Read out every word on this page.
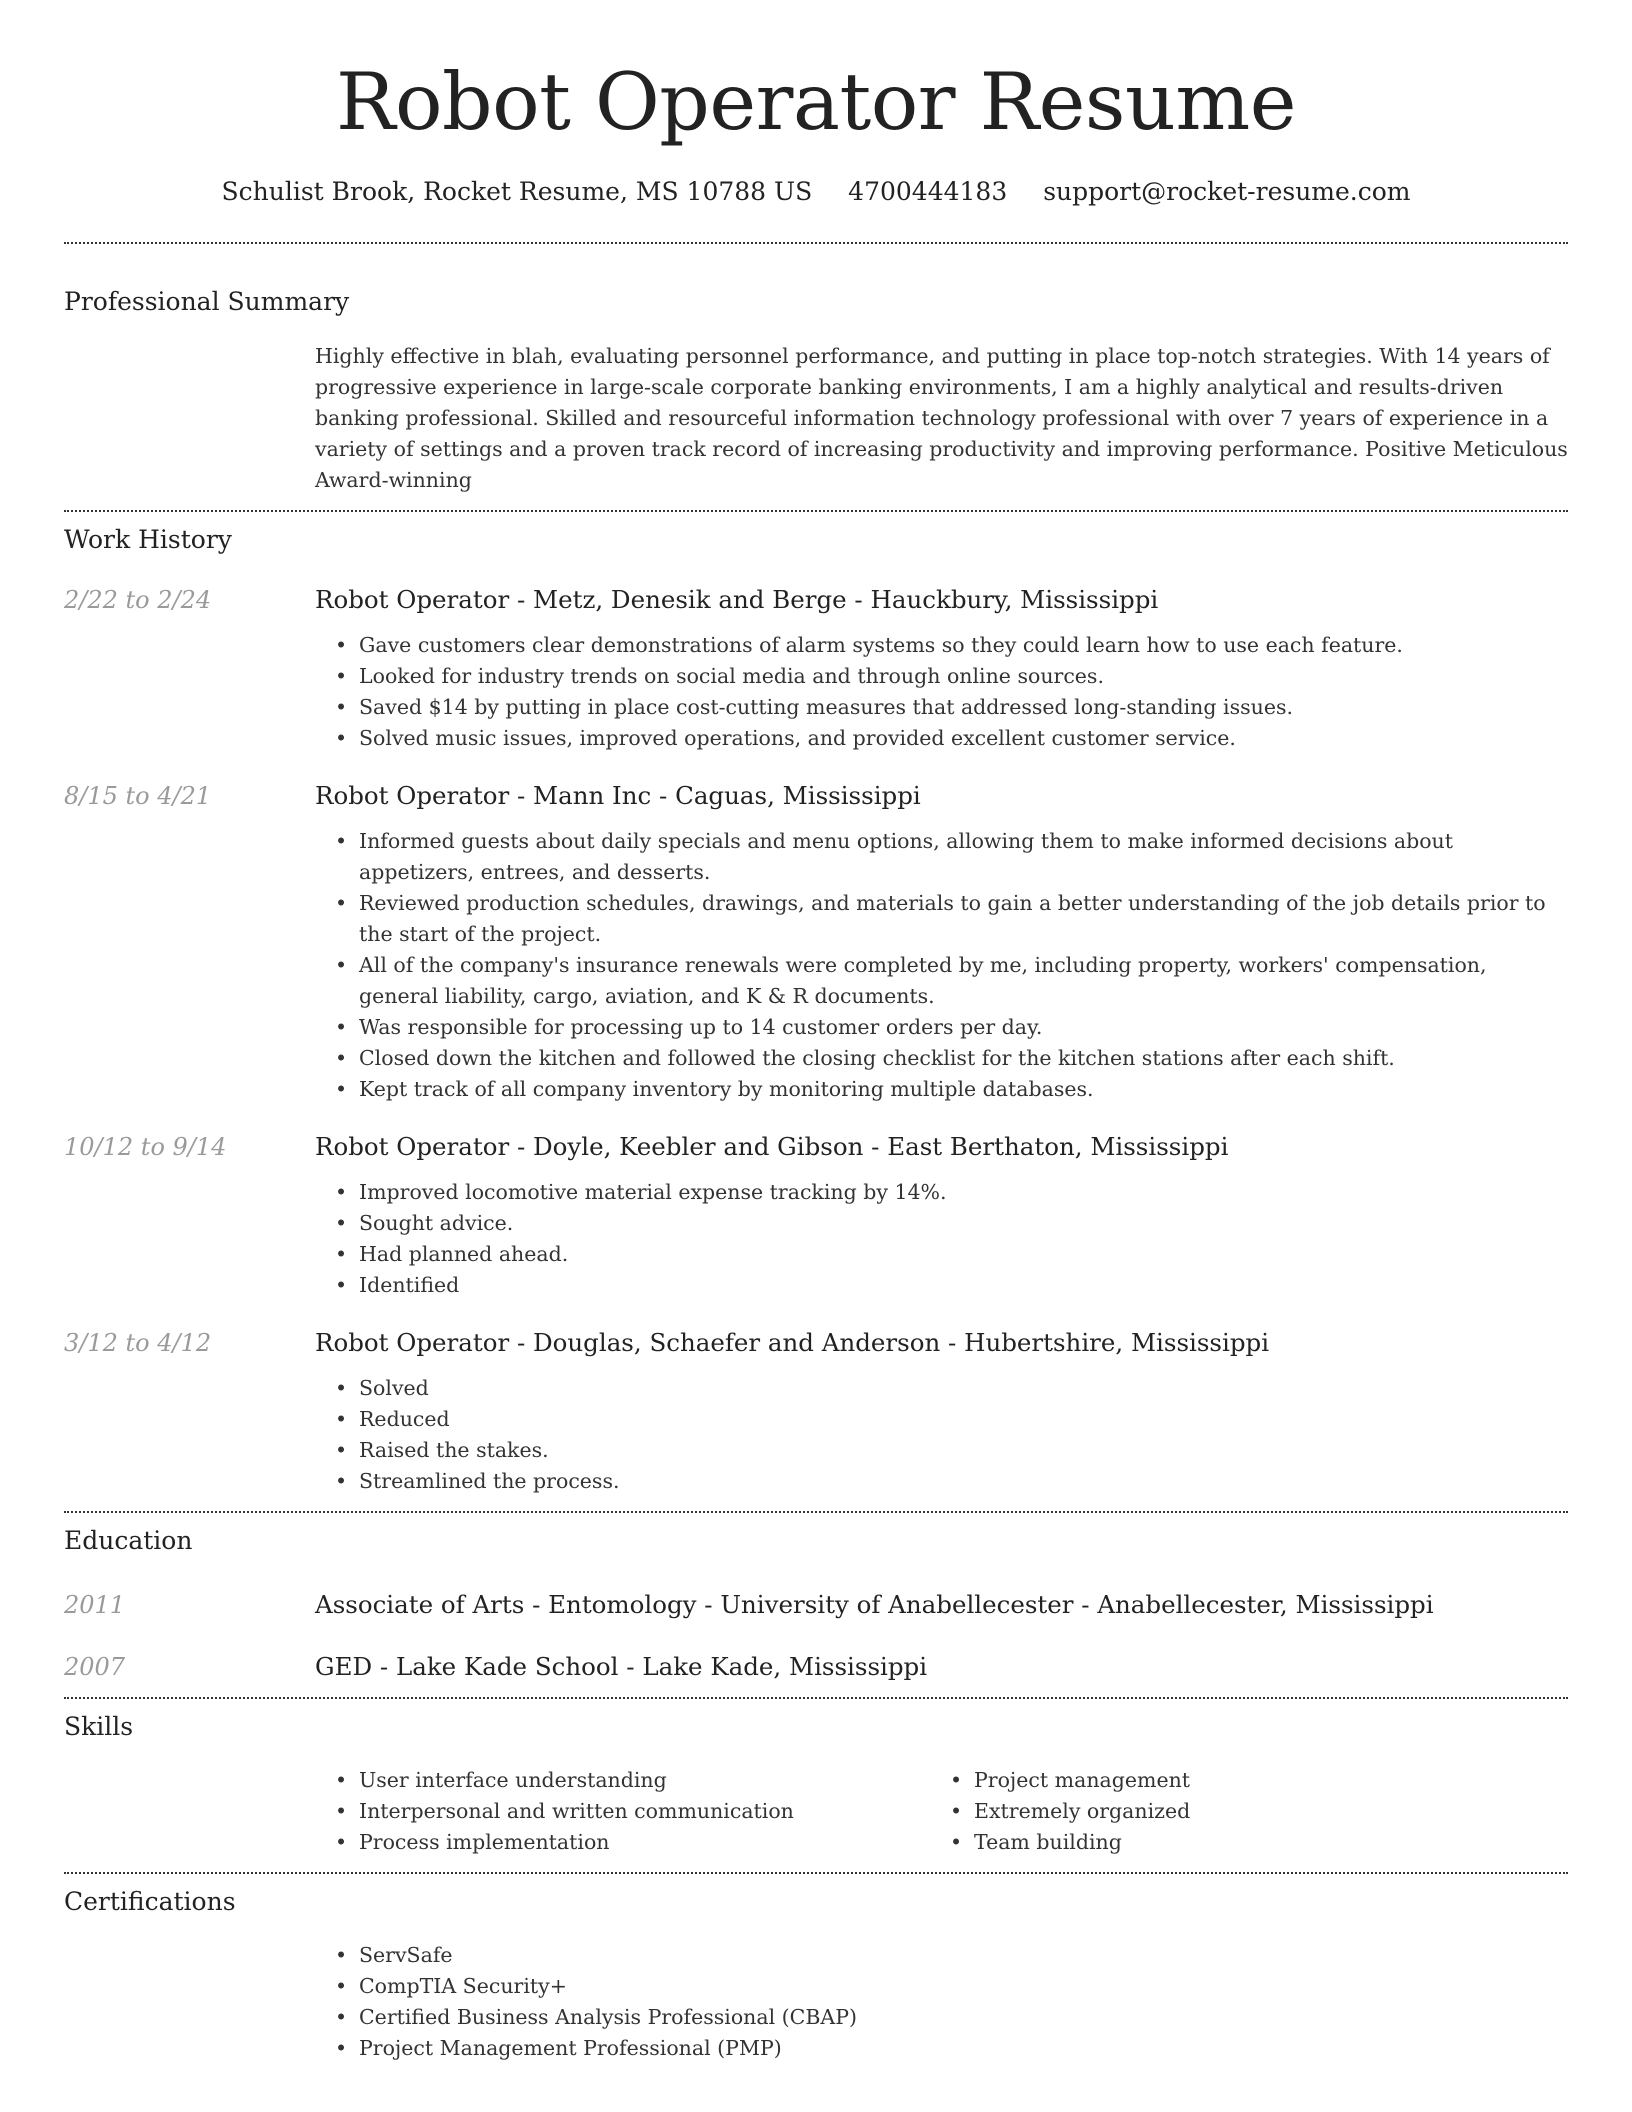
Robot Operator Resume
Schulist Brook, Rocket Resume, MS 10788 US 4700444183 support@rocket-resume.com
Professional Summary
Highly effective in blah, evaluating personnel performance, and putting in place top-notch strategies. With 14 years of progressive experience in large-scale corporate banking environments, I am a highly analytical and results-driven banking professional. Skilled and resourceful information technology professional with over 7 years of experience in a variety of settings and a proven track record of increasing productivity and improving performance. Positive Meticulous Award-winning
Work History
2/22 to 2/24	Robot Operator - Metz, Denesik and Berge - Hauckbury, Mississippi
• Gave customers clear demonstrations of alarm systems so they could learn how to use each feature.
• Looked for industry trends on social media and through online sources.
• Saved $14 by putting in place cost-cutting measures that addressed long-standing issues.
• Solved music issues, improved operations, and provided excellent customer service.
8/15 to 4/21	Robot Operator - Mann Inc - Caguas, Mississippi
• Informed guests about daily specials and menu options, allowing them to make informed decisions about appetizers, entrees, and desserts.
• Reviewed production schedules, drawings, and materials to gain a better understanding of the job details prior to the start of the project.
• All of the company's insurance renewals were completed by me, including property, workers' compensation, general liability, cargo, aviation, and K & R documents.
• Was responsible for processing up to 14 customer orders per day.
• Closed down the kitchen and followed the closing checklist for the kitchen stations after each shift.
• Kept track of all company inventory by monitoring multiple databases.
10/12 to 9/14	Robot Operator - Doyle, Keebler and Gibson - East Berthaton, Mississippi
• Improved locomotive material expense tracking by 14%.
• Sought advice.
• Had planned ahead.
• Identified
3/12 to 4/12	Robot Operator - Douglas, Schaefer and Anderson - Hubertshire, Mississippi
• Solved
• Reduced
• Raised the stakes.
• Streamlined the process.
Education
2011	Associate of Arts - Entomology - University of Anabellecester - Anabellecester, Mississippi
2007	GED - Lake Kade School - Lake Kade, Mississippi
Skills
• User interface understanding
• Interpersonal and written communication
• Process implementation
• Project management
• Extremely organized
• Team building
Certifications
• ServSafe
• CompTIA Security+
• Certified Business Analysis Professional (CBAP)
• Project Management Professional (PMP)
